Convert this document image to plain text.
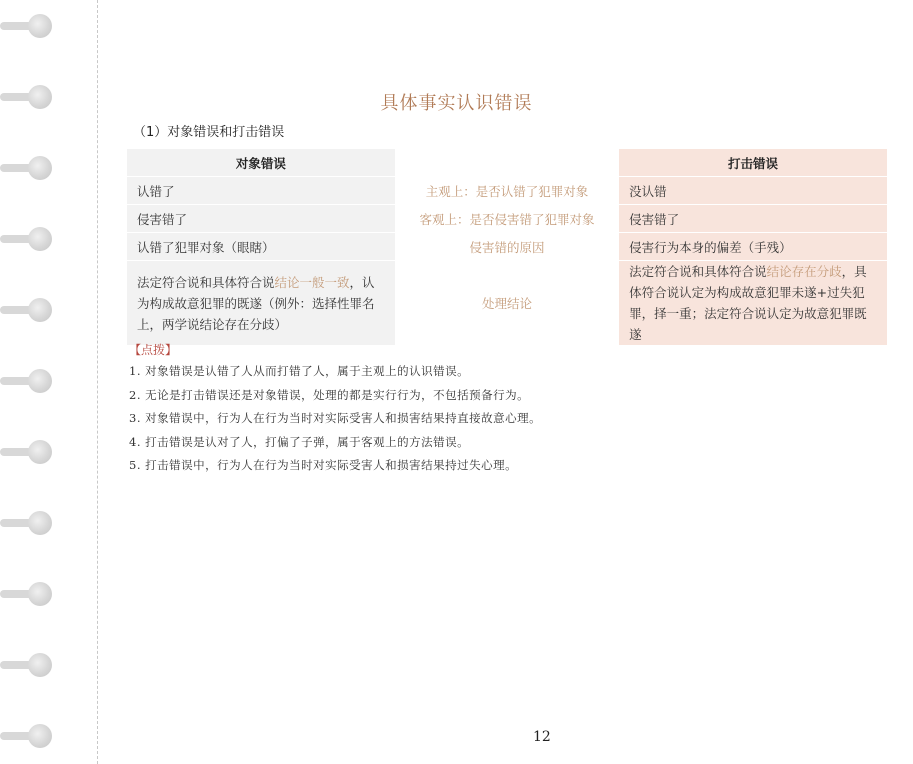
具体事实认识错误
（1）对象错误和打击错误
对象错误		打击错误
认错了	主观上：是否认错了犯罪对象	没认错
侵害错了	客观上：是否侵害错了犯罪对象	侵害错了
认错了犯罪对象（眼瞎）	侵害错的原因	侵害行为本身的偏差（手残）
法定符合说和具体符合说结论一般一致，认为构成故意犯罪的既遂（例外：选择性罪名上，两学说结论存在分歧）	处理结论	法定符合说和具体符合说结论存在分歧，具体符合说认定为构成故意犯罪未遂+过失犯罪，择一重；法定符合说认定为故意犯罪既遂
【点拨】
1. 对象错误是认错了人从而打错了人，属于主观上的认识错误。
2. 无论是打击错误还是对象错误，处理的都是实行行为，不包括预备行为。
3. 对象错误中，行为人在行为当时对实际受害人和损害结果持直接故意心理。
4. 打击错误是认对了人，打偏了子弹，属于客观上的方法错误。
5. 打击错误中，行为人在行为当时对实际受害人和损害结果持过失心理。
12
